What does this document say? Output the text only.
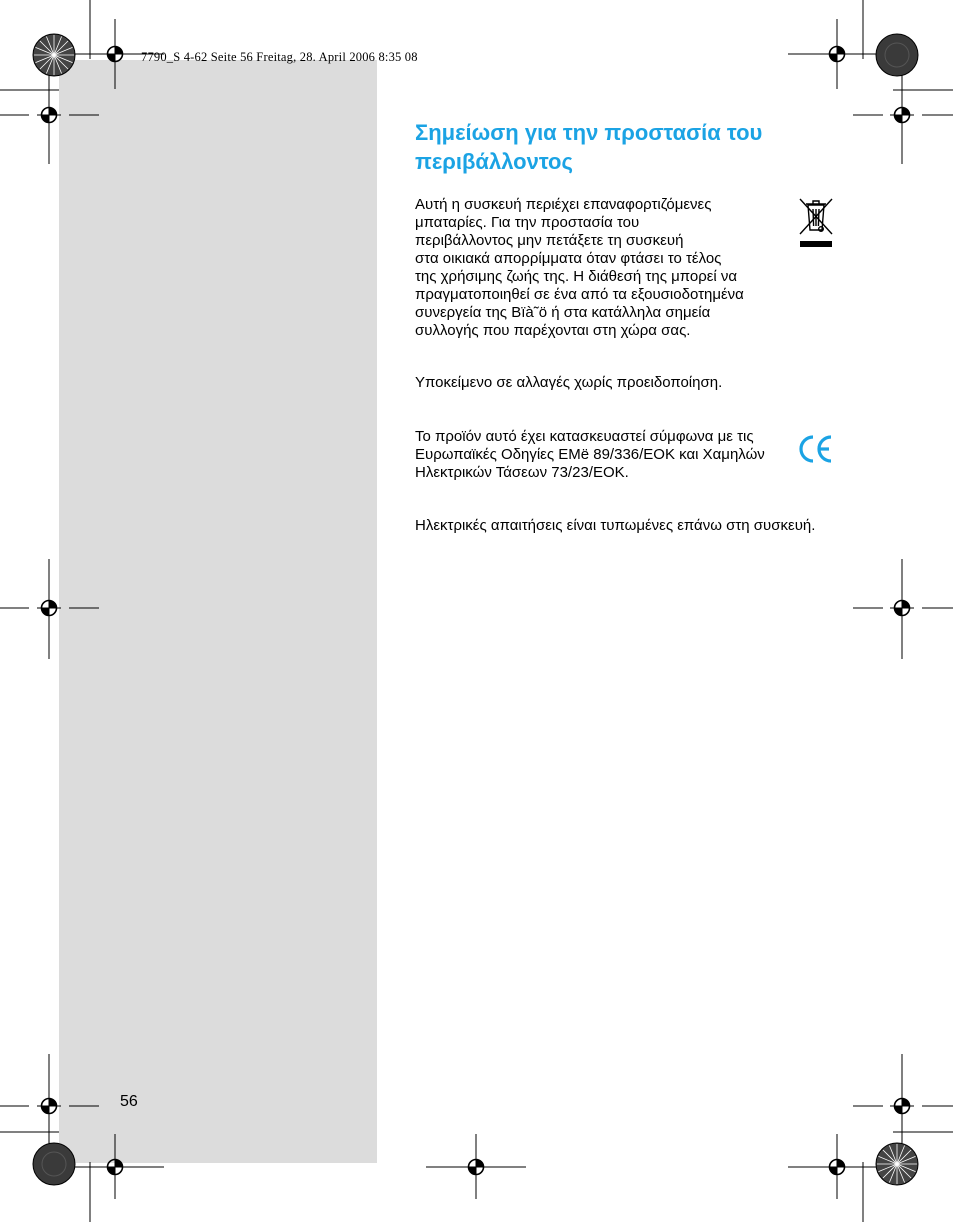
7790_S 4-62 Seite 56 Freitag, 28. April 2006 8:35 08
Σημείωση για την προστασία του
περιβάλλοντος

Αυτή η συσκευή περιέχει επαναφορτιζόμενες
μπαταρίες. Για την προστασία του
περιβάλλοντος μην πετάξετε τη συσκευή
στα οικιακά απορρίμματα όταν φτάσει το τέλος
της χρήσιμης ζωής της. Η διάθεσή της μπορεί να
πραγματοποιηθεί σε ένα από τα εξουσιοδοτημένα
συνεργεία της Bïà˜ö ή στα κατάλληλα σημεία
συλλογής που παρέχονται στη χώρα σας.

Υποκείμενο σε αλλαγές χωρίς προειδοποίηση.

Το προϊόν αυτό έχει κατασκευαστεί σύμφωνα με τις Ευρωπαϊκές Οδηγίες ΕΜë 89/336/ΕΟΚ και Χαμηλών Ηλεκτρικών Τάσεων 73/23/ΕΟΚ.

Ηλεκτρικές απαιτήσεις είναι τυπωμένες επάνω στη συσκευή.

56
